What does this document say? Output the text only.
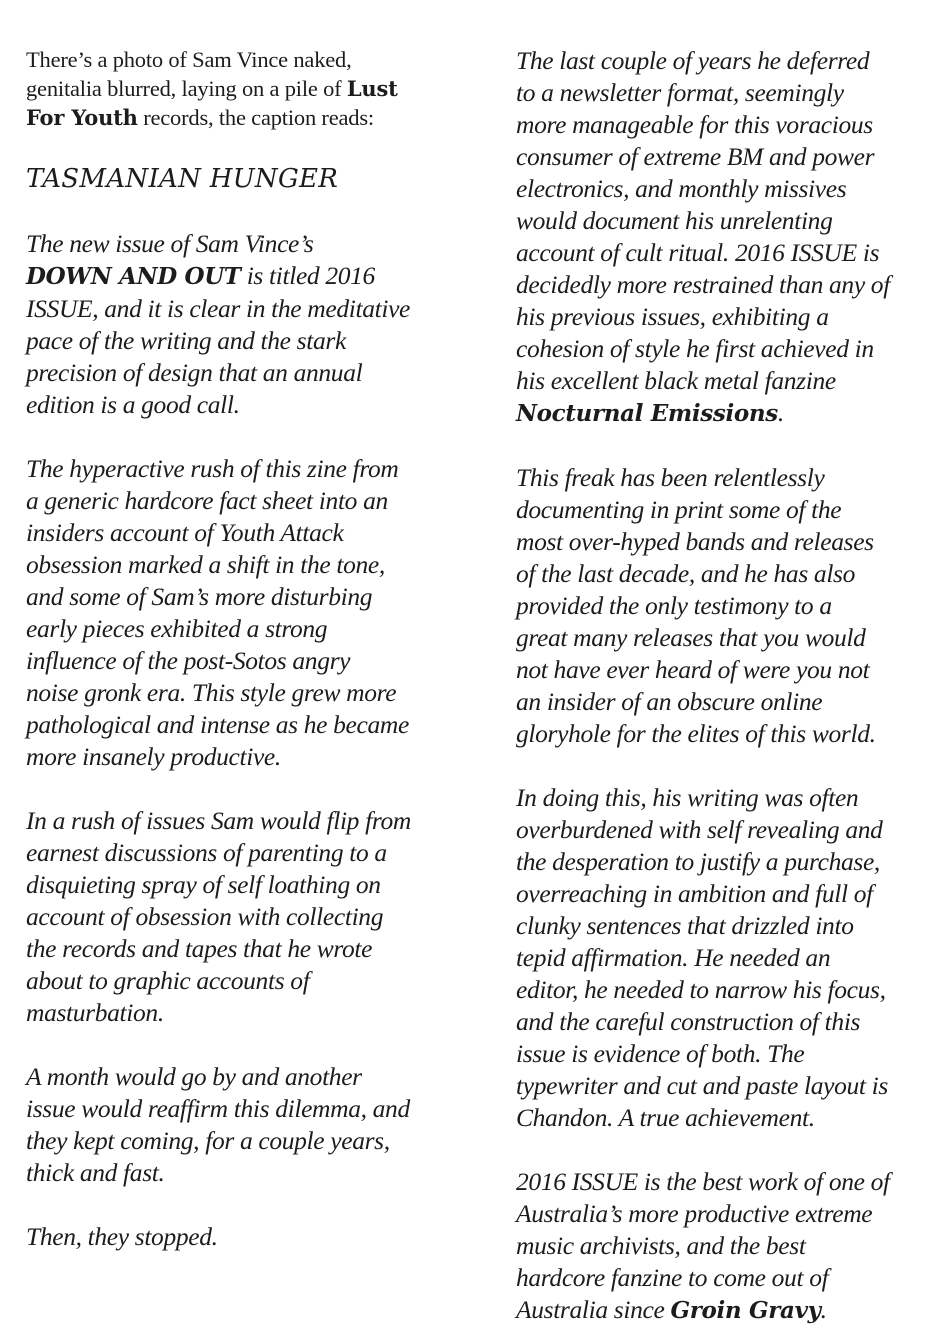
There’s a photo of Sam Vince naked,
genitalia blurred, laying on a pile of Lust
For Youth records, the caption reads:
TASMANIAN HUNGER

The new issue of Sam Vince’s
DOWN AND OUT is titled 2016
ISSUE, and it is clear in the meditative
pace of the writing and the stark
precision of design that an annual
edition is a good call.

The hyperactive rush of this zine from
a generic hardcore fact sheet into an
insiders account of Youth Attack
obsession marked a shift in the tone,
and some of Sam’s more disturbing
early pieces exhibited a strong
influence of the post-Sotos angry
noise gronk era. This style grew more
pathological and intense as he became
more insanely productive.

In a rush of issues Sam would flip from
earnest discussions of parenting to a
disquieting spray of self loathing on
account of obsession with collecting
the records and tapes that he wrote
about to graphic accounts of
masturbation.

A month would go by and another
issue would reaffirm this dilemma, and
they kept coming, for a couple years,
thick and fast.

Then, they stopped.

The last couple of years he deferred
to a newsletter format, seemingly
more manageable for this voracious
consumer of extreme BM and power
electronics, and monthly missives
would document his unrelenting
account of cult ritual. 2016 ISSUE is
decidedly more restrained than any of
his previous issues, exhibiting a
cohesion of style he first achieved in
his excellent black metal fanzine
Nocturnal Emissions.

This freak has been relentlessly
documenting in print some of the
most over-hyped bands and releases
of the last decade, and he has also
provided the only testimony to a
great many releases that you would
not have ever heard of were you not
an insider of an obscure online
gloryhole for the elites of this world.

In doing this, his writing was often
overburdened with self revealing and
the desperation to justify a purchase,
overreaching in ambition and full of
clunky sentences that drizzled into
tepid affirmation. He needed an
editor, he needed to narrow his focus,
and the careful construction of this
issue is evidence of both. The
typewriter and cut and paste layout is
Chandon. A true achievement.

2016 ISSUE is the best work of one of
Australia’s more productive extreme
music archivists, and the best
hardcore fanzine to come out of
Australia since Groin Gravy.
